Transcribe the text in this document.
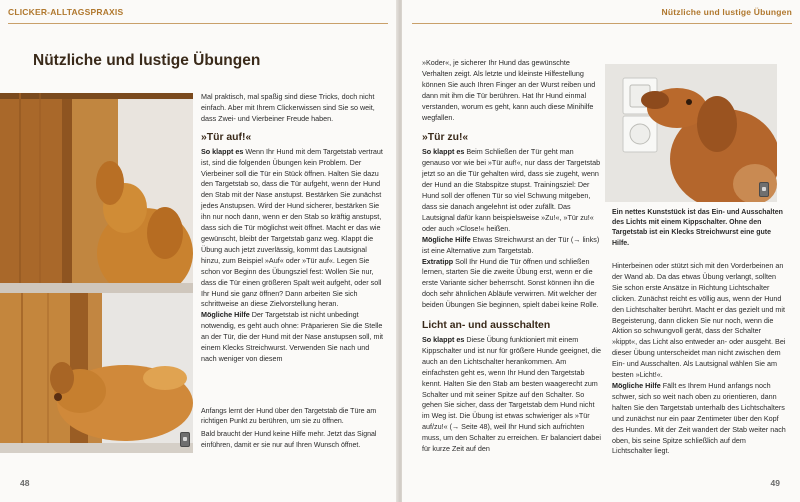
CLICKER-ALLTAGSPRAXIS
Nützliche und lustige Übungen

Mal praktisch, mal spaßig sind diese Tricks, doch nicht einfach. Aber mit Ihrem Clickerwissen sind Sie so weit, dass Zwei- und Vierbeiner Freude haben.

»Tür auf!«

So klappt es Wenn Ihr Hund mit dem Targetstab vertraut ist, sind die folgenden Übungen kein Problem. Der Vierbeiner soll die Tür ein Stück öffnen. Halten Sie dazu den Targetstab so, dass die Tür aufgeht, wenn der Hund den Stab mit der Nase anstupst. Bestärken Sie zunächst jedes Anstupsen. Wird der Hund sicherer, bestärken Sie ihn nur noch dann, wenn er den Stab so kräftig anstupst, dass sich die Tür möglichst weit öffnet. Macht er das wie gewünscht, bleibt der Targetstab ganz weg. Klappt die Übung auch jetzt zuverlässig, kommt das Lautsignal hinzu, zum Beispiel »Auf« oder »Tür auf«. Legen Sie schon vor Beginn des Übungsziel fest: Wollen Sie nur, dass die Tür einen größeren Spalt weit aufgeht, oder soll Ihr Hund sie ganz öffnen? Dann arbeiten Sie sich schrittweise an diese Zielvorstellung heran.

Mögliche Hilfe Der Targetstab ist nicht unbedingt notwendig, es geht auch ohne: Präparieren Sie die Stelle an der Tür, die der Hund mit der Nase anstupsen soll, mit einem Klecks Streichwurst. Verwenden Sie nach und nach weniger von diesem

Anfangs lernt der Hund über den Targetstab die Türe am richtigen Punkt zu berühren, um sie zu öffnen.

Bald braucht der Hund keine Hilfe mehr. Jetzt das Signal einführen, damit er sie nur auf Ihren Wunsch öffnet.

48
Nützliche und lustige Übungen

»Koder«, je sicherer Ihr Hund das gewünschte Verhalten zeigt. Als letzte und kleinste Hilfestellung können Sie auch Ihren Finger an der Wurst reiben und dann mit ihm die Tür berühren. Hat Ihr Hund einmal verstanden, worum es geht, kann auch diese Minihilfe wegfallen.

»Tür zu!«

So klappt es Beim Schließen der Tür geht man genauso vor wie bei »Tür auf!«, nur dass der Targetstab jetzt so an die Tür gehalten wird, dass sie zugeht, wenn der Hund an die Stabspitze stupst. Trainingsziel: Der Hund soll der offenen Tür so viel Schwung mitgeben, dass sie danach angelehnt ist oder zufällt. Das Lautsignal dafür kann beispielsweise »Zu!«, »Tür zu!« oder auch »Close!« heißen.

Mögliche Hilfe Etwas Streichwurst an der Tür (→ links) ist eine Alternative zum Targetstab.

Extratipp Soll Ihr Hund die Tür öffnen und schließen lernen, starten Sie die zweite Übung erst, wenn er die erste Variante sicher beherrscht. Sonst können ihn die doch sehr ähnlichen Abläufe verwirren. Mit welcher der beiden Übungen Sie beginnen, spielt dabei keine Rolle.

Licht an- und ausschalten

So klappt es Diese Übung funktioniert mit einem Kippschalter und ist nur für größere Hunde geeignet, die auch an den Lichtschalter herankommen. Am einfachsten geht es, wenn Ihr Hund den Targetstab kennt. Halten Sie den Stab am besten waagerecht zum Schalter und mit seiner Spitze auf den Schalter. So gehen Sie sicher, dass der Targetstab dem Hund nicht im Weg ist. Die Übung ist etwas schwieriger als »Tür auf/zu!« (→ Seite 48), weil Ihr Hund sich aufrichten muss, um den Schalter zu erreichen. Er balanciert dabei für kurze Zeit auf den

Ein nettes Kunststück ist das Ein- und Ausschalten des Lichts mit einem Kippschalter. Ohne den Targetstab ist ein Klecks Streichwurst eine gute Hilfe.

Hinterbeinen oder stützt sich mit den Vorderbeinen an der Wand ab. Da das etwas Übung verlangt, sollten Sie schon erste Ansätze in Richtung Lichtschalter clicken. Zunächst reicht es völlig aus, wenn der Hund den Lichtschalter berührt. Macht er das gezielt und mit Begeisterung, dann clicken Sie nur noch, wenn die Aktion so schwungvoll gerät, dass der Schalter »kippt«, das Licht also entweder an- oder ausgeht. Bei dieser Übung unterscheidet man nicht zwischen dem Ein- und Ausschalten. Als Lautsignal wählen Sie am besten »Licht!«.

Mögliche Hilfe Fällt es Ihrem Hund anfangs noch schwer, sich so weit nach oben zu orientieren, dann halten Sie den Targetstab unterhalb des Lichtschalters und zunächst nur ein paar Zentimeter über den Kopf des Hundes. Mit der Zeit wandert der Stab weiter nach oben, bis seine Spitze schließlich auf dem Lichtschalter liegt.

49
